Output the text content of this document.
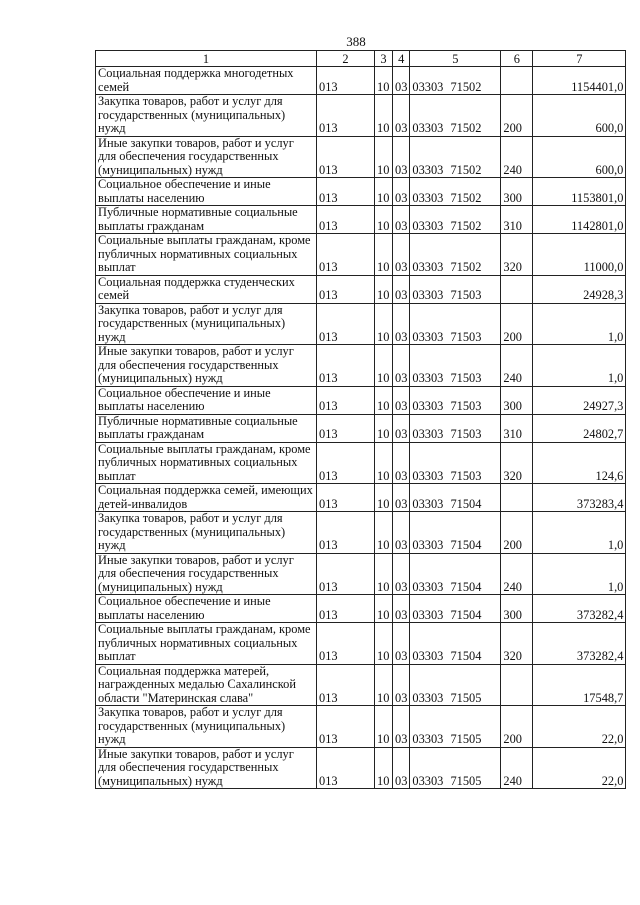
388
1	2	3	4	5	6	7
Социальная поддержка многодетных семей	013	10	03	03303 71502		1154401,0
Закупка товаров, работ и услуг для государственных (муниципальных) нужд	013	10	03	03303 71502	200	600,0
Иные закупки товаров, работ и услуг для обеспечения государственных (муниципальных) нужд	013	10	03	03303 71502	240	600,0
Социальное обеспечение и иные выплаты населению	013	10	03	03303 71502	300	1153801,0
Публичные нормативные социальные выплаты гражданам	013	10	03	03303 71502	310	1142801,0
Социальные выплаты гражданам, кроме публичных нормативных социальных выплат	013	10	03	03303 71502	320	11000,0
Социальная поддержка студенческих семей	013	10	03	03303 71503		24928,3
Закупка товаров, работ и услуг для государственных (муниципальных) нужд	013	10	03	03303 71503	200	1,0
Иные закупки товаров, работ и услуг для обеспечения государственных (муниципальных) нужд	013	10	03	03303 71503	240	1,0
Социальное обеспечение и иные выплаты населению	013	10	03	03303 71503	300	24927,3
Публичные нормативные социальные выплаты гражданам	013	10	03	03303 71503	310	24802,7
Социальные выплаты гражданам, кроме публичных нормативных социальных выплат	013	10	03	03303 71503	320	124,6
Социальная поддержка семей, имеющих детей-инвалидов	013	10	03	03303 71504		373283,4
Закупка товаров, работ и услуг для государственных (муниципальных) нужд	013	10	03	03303 71504	200	1,0
Иные закупки товаров, работ и услуг для обеспечения государственных (муниципальных) нужд	013	10	03	03303 71504	240	1,0
Социальное обеспечение и иные выплаты населению	013	10	03	03303 71504	300	373282,4
Социальные выплаты гражданам, кроме публичных нормативных социальных выплат	013	10	03	03303 71504	320	373282,4
Социальная поддержка матерей, награжденных медалью Сахалинской области "Материнская слава"	013	10	03	03303 71505		17548,7
Закупка товаров, работ и услуг для государственных (муниципальных) нужд	013	10	03	03303 71505	200	22,0
Иные закупки товаров, работ и услуг для обеспечения государственных (муниципальных) нужд	013	10	03	03303 71505	240	22,0
